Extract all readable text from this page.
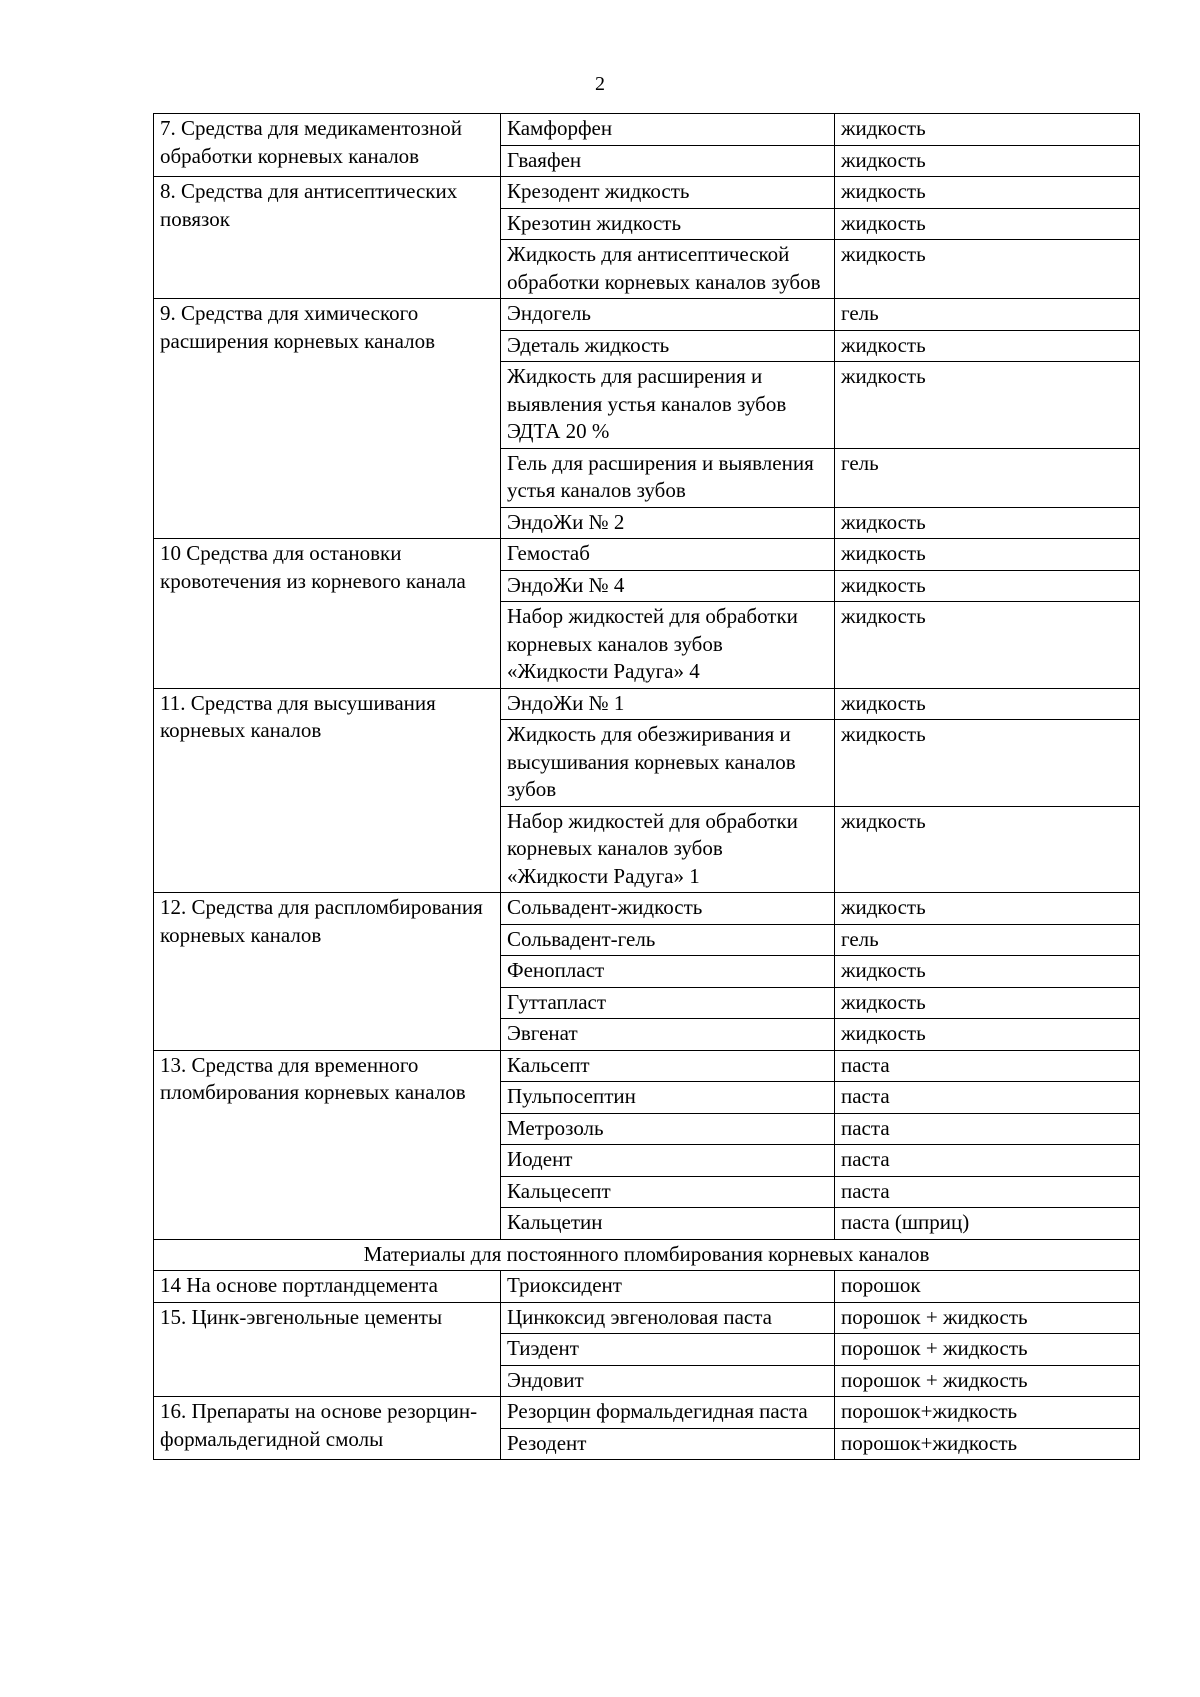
2
7. Средства для медикаментозной обработки корневых каналов	Камфорфен	жидкость
	Гваяфен	жидкость
8. Средства для антисептических повязок	Крезодент жидкость	жидкость
	Крезотин жидкость	жидкость
	Жидкость для антисептической обработки корневых каналов зубов	жидкость
9. Средства для химического расширения корневых каналов	Эндогель	гель
	Эдеталь жидкость	жидкость
	Жидкость для расширения и выявления устья каналов зубов ЭДТА 20 %	жидкость
	Гель для расширения и выявления устья каналов зубов	гель
	ЭндоЖи № 2	жидкость
10 Средства для остановки кровотечения из корневого канала	Гемостаб	жидкость
	ЭндоЖи № 4	жидкость
	Набор жидкостей для обработки корневых каналов зубов «Жидкости Радуга» 4	жидкость
11. Средства для высушивания корневых каналов	ЭндоЖи № 1	жидкость
	Жидкость для обезжиривания и высушивания корневых каналов зубов	жидкость
	Набор жидкостей для обработки корневых каналов зубов «Жидкости Радуга» 1	жидкость
12. Средства для распломбирования корневых каналов	Сольвадент-жидкость	жидкость
	Сольвадент-гель	гель
	Фенопласт	жидкость
	Гуттапласт	жидкость
	Эвгенат	жидкость
13. Средства для временного пломбирования корневых каналов	Кальсепт	паста
	Пульпосептин	паста
	Метрозоль	паста
	Иодент	паста
	Кальцесепт	паста
	Кальцетин	паста (шприц)
Материалы для постоянного пломбирования корневых каналов		
14 На основе портландцемента	Триоксидент	порошок
15. Цинк-эвгенольные цементы	Цинкоксид эвгеноловая паста	порошок + жидкость
	Тиэдент	порошок + жидкость
	Эндовит	порошок + жидкость
16. Препараты на основе резорцин-формальдегидной смолы	Резорцин формальдегидная паста	порошок+жидкость
	Резодент	порошок+жидкость
